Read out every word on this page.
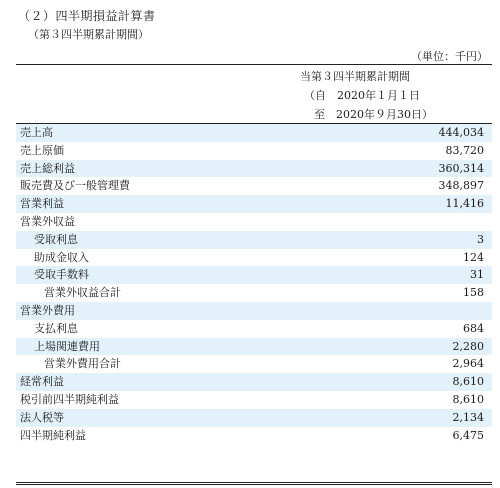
（２）四半期損益計算書
（第３四半期累計期間）
（単位：千円）
当第３四半期累計期間
（自　2020年１月１日
至　2020年９月30日）
売上高	444,034
売上原価	83,720
売上総利益	360,314
販売費及び一般管理費	348,897
営業利益	11,416
営業外収益
受取利息	3
助成金収入	124
受取手数料	31
営業外収益合計	158
営業外費用
支払利息	684
上場関連費用	2,280
営業外費用合計	2,964
経常利益	8,610
税引前四半期純利益	8,610
法人税等	2,134
四半期純利益	6,475
